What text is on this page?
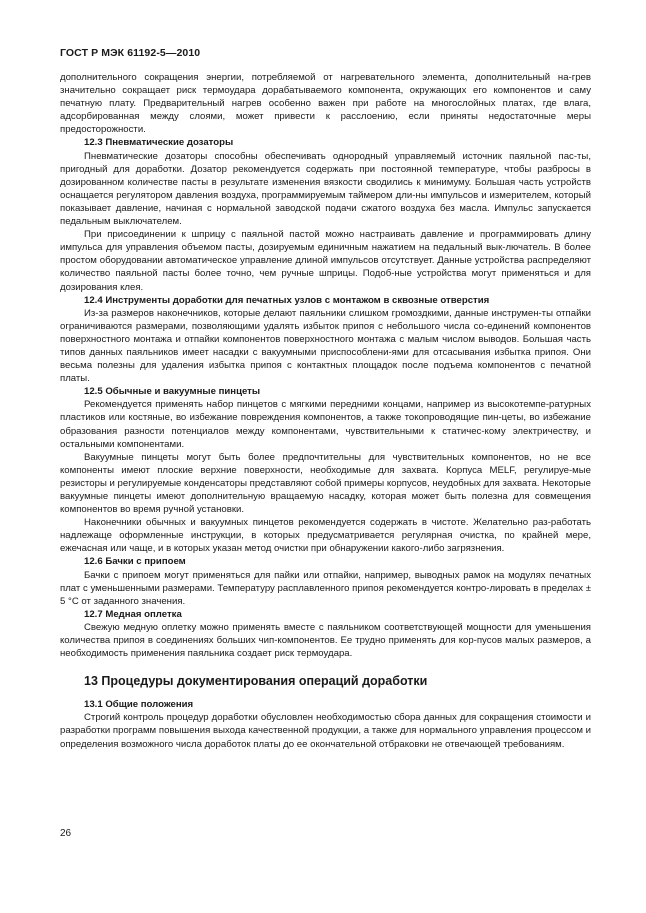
ГОСТ Р МЭК 61192-5—2010

дополнительного сокращения энергии, потребляемой от нагревательного элемента, дополнительный на-грев значительно сокращает риск термоудара дорабатываемого компонента, окружающих его компонентов и саму печатную плату. Предварительный нагрев особенно важен при работе на многослойных платах, где влага, адсорбированная между слоями, может привести к расслоению, если приняты недостаточные меры предосторожности.

12.3 Пневматические дозаторы

Пневматические дозаторы способны обеспечивать однородный управляемый источник паяльной пас-ты, пригодный для доработки. Дозатор рекомендуется содержать при постоянной температуре, чтобы разбросы в дозированном количестве пасты в результате изменения вязкости сводились к минимуму. Большая часть устройств оснащается регулятором давления воздуха, программируемым таймером дли-ны импульсов и измерителем, который показывает давление, начиная с нормальной заводской подачи сжатого воздуха без масла. Импульс запускается педальным выключателем.

При присоединении к шприцу с паяльной пастой можно настраивать давление и программировать длину импульса для управления объемом пасты, дозируемым единичным нажатием на педальный вык-лючатель. В более простом оборудовании автоматическое управление длиной импульсов отсутствует. Данные устройства распределяют количество паяльной пасты более точно, чем ручные шприцы. Подоб-ные устройства могут применяться и для дозирования клея.

12.4 Инструменты доработки для печатных узлов с монтажом в сквозные отверстия

Из-за размеров наконечников, которые делают паяльники слишком громоздкими, данные инструмен-ты отпайки ограничиваются размерами, позволяющими удалять избыток припоя с небольшого числа со-единений компонентов поверхностного монтажа и отпайки компонентов поверхностного монтажа с малым числом выводов. Большая часть типов данных паяльников имеет насадки с вакуумными приспособлени-ями для отсасывания избытка припоя. Они весьма полезны для удаления избытка припоя с контактных площадок после подъема компонентов с печатной платы.

12.5 Обычные и вакуумные пинцеты

Рекомендуется применять набор пинцетов с мягкими передними концами, например из высокотемпе-ратурных пластиков или костяные, во избежание повреждения компонентов, а также токопроводящие пин-цеты, во избежание образования разности потенциалов между компонентами, чувствительными к статичес-кому электричеству, и остальными компонентами.

Вакуумные пинцеты могут быть более предпочтительны для чувствительных компонентов, но не все компоненты имеют плоские верхние поверхности, необходимые для захвата. Корпуса MELF, регулируе-мые резисторы и регулируемые конденсаторы представляют собой примеры корпусов, неудобных для захвата. Некоторые вакуумные пинцеты имеют дополнительную вращаемую насадку, которая может быть полезна для совмещения компонентов во время ручной установки.

Наконечники обычных и вакуумных пинцетов рекомендуется содержать в чистоте. Желательно раз-работать надлежаще оформленные инструкции, в которых предусматривается регулярная очистка, по крайней мере, ежечасная или чаще, и в которых указан метод очистки при обнаружении какого-либо загрязнения.

12.6 Бачки с припоем

Бачки с припоем могут применяться для пайки или отпайки, например, выводных рамок на модулях печатных плат с уменьшенными размерами. Температуру расплавленного припоя рекомендуется контро-лировать в пределах ± 5 °С от заданного значения.

12.7 Медная оплетка

Свежую медную оплетку можно применять вместе с паяльником соответствующей мощности для уменьшения количества припоя в соединениях больших чип-компонентов. Ее трудно применять для кор-пусов малых размеров, а необходимость применения паяльника создает риск термоудара.

13 Процедуры документирования операций доработки
13.1 Общие положения

Строгий контроль процедур доработки обусловлен необходимостью сбора данных для сокращения стоимости и разработки программ повышения выхода качественной продукции, а также для нормального управления процессом и определения возможного числа доработок платы до ее окончательной отбраковки не отвечающей требованиям.

26
